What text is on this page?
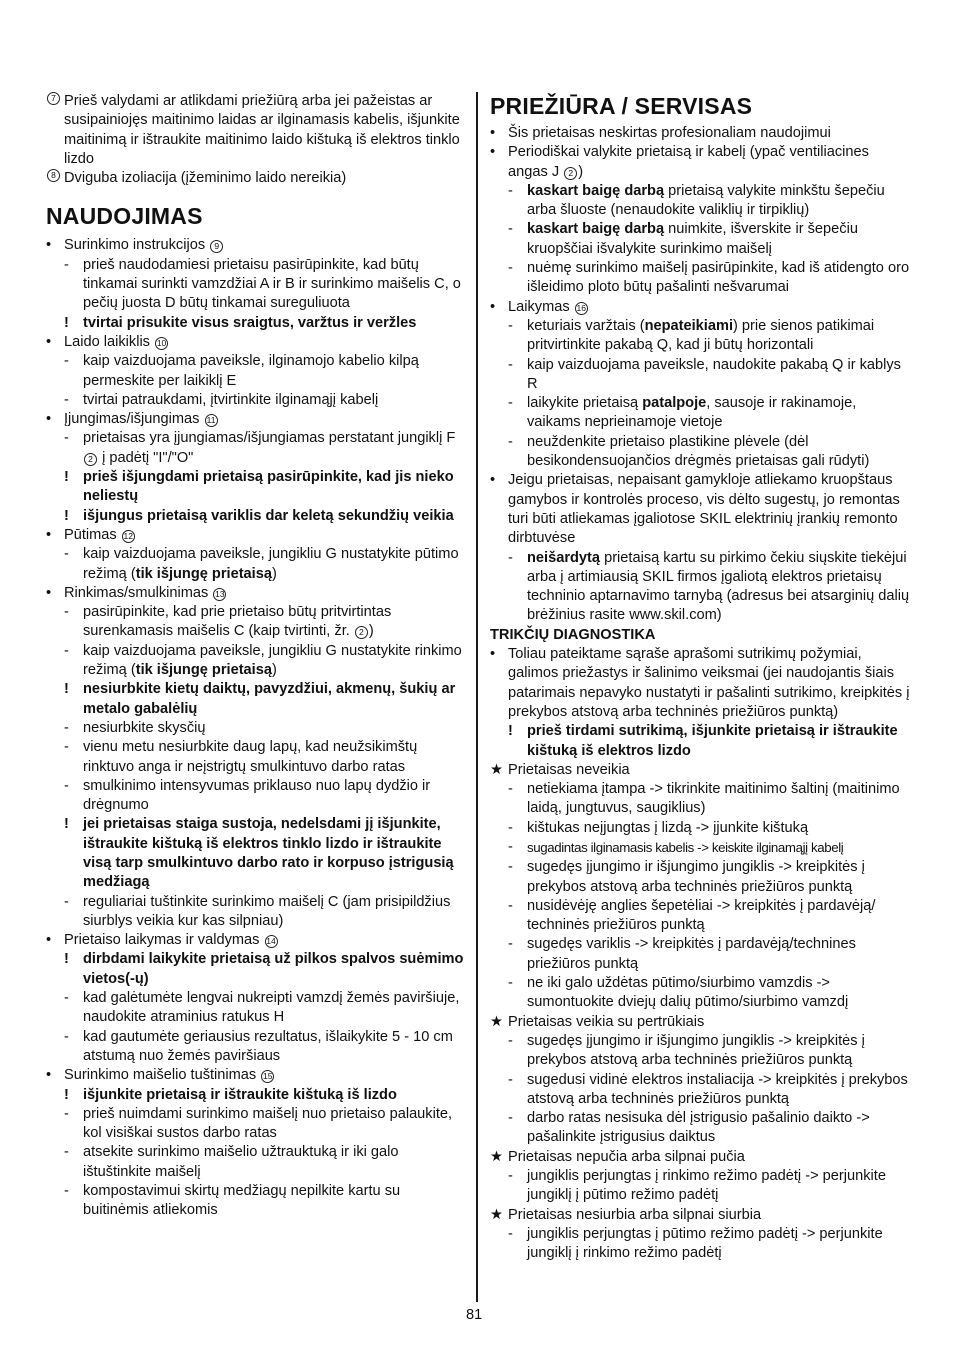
7 Prieš valydami ar atlikdami priežiūrą arba jei pažeistas ar susipainiojęs maitinimo laidas ar ilginamasis kabelis, išjunkite maitinimą ir ištraukite maitinimo laido kištuką iš elektros tinklo lizdo
8 Dviguba izoliacija (įžeminimo laido nereikia)
NAUDOJIMAS
• Surinkimo instrukcijos 9
- prieš naudodamiesi prietaisu pasirūpinkite, kad būtų tinkamai surinkti vamzdžiai A ir B ir surinkimo maišelis C, o pečių juosta D būtų tinkamai sureguliuota
! tvirtai prisukite visus sraigtus, varžtus ir veržles
• Laido laikiklis 10
- kaip vaizduojama paveiksle, ilginamojo kabelio kilpą permeskite per laikiklį E
- tvirtai patraukdami, įtvirtinkite ilginamąjį kabelį
• Įjungimas/išjungimas 11
- prietaisas yra įjungiamas/išjungiamas perstatant jungiklį F 2 į padėtį "I"/"O"
! prieš išjungdami prietaisą pasirūpinkite, kad jis nieko neliestų
! išjungus prietaisą variklis dar keletą sekundžių veikia
• Pūtimas 12
- kaip vaizduojama paveiksle, jungikliu G nustatykite pūtimo režimą (tik išjungę prietaisą)
• Rinkimas/smulkinimas 13
- pasirūpinkite, kad prie prietaiso būtų pritvirtintas surenkamasis maišelis C (kaip tvirtinti, žr. 2 )
- kaip vaizduojama paveiksle, jungikliu G nustatykite rinkimo režimą (tik išjungę prietaisą)
! nesiurbkite kietų daiktų, pavyzdžiui, akmenų, šukių ar metalo gabalėlių
- nesiurbkite skysčių
- vienu metu nesiurbkite daug lapų, kad neužsikimštų rinktuvo anga ir neįstrigtų smulkintuvo darbo ratas
- smulkinimo intensyvumas priklauso nuo lapų dydžio ir drėgnumo
! jei prietaisas staiga sustoja, nedelsdami jį išjunkite, ištraukite kištuką iš elektros tinklo lizdo ir ištraukite visą tarp smulkintuvo darbo rato ir korpuso įstrigusią medžiagą
- reguliariai tuštinkite surinkimo maišelį C (jam prisipildžius siurblys veikia kur kas silpniau)
• Prietaiso laikymas ir valdymas 14
! dirbdami laikykite prietaisą už pilkos spalvos suėmimo vietos(-ų)
- kad galėtumėte lengvai nukreipti vamzdį žemės paviršiuje, naudokite atraminius ratukus H
- kad gautumėte geriausius rezultatus, išlaikykite 5 - 10 cm atstumą nuo žemės paviršiaus
• Surinkimo maišelio tuštinimas 15
! išjunkite prietaisą ir ištraukite kištuką iš lizdo
- prieš nuimdami surinkimo maišelį nuo prietaiso palaukite, kol visiškai sustos darbo ratas
- atsekite surinkimo maišelio užtrauktuką ir iki galo ištuštinkite maišelį
- kompostavimui skirtų medžiagų nepilkite kartu su buitinėmis atliekomis
PRIEŽIŪRA / SERVISAS
• Šis prietaisas neskirtas profesionaliam naudojimui
• Periodiškai valykite prietaisą ir kabelį (ypač ventiliacines angas J 2 )
- kaskart baigę darbą prietaisą valykite minkštu šepečiu arba šluoste (nenaudokite valiklių ir tirpiklių)
- kaskart baigę darbą nuimkite, išverskite ir šepečiu kruopščiai išvalykite surinkimo maišelį
- nuėmę surinkimo maišelį pasirūpinkite, kad iš atidengto oro išleidimo ploto būtų pašalinti nešvarumai
• Laikymas 16
- keturiais varžtais (nepateikiami) prie sienos patikimai pritvirtinkite pakabą Q, kad ji būtų horizontali
- kaip vaizduojama paveiksle, naudokite pakabą Q ir kablys R
- laikykite prietaisą patalpoje, sausoje ir rakinamoje, vaikams neprieinamoje vietoje
- neuždenkite prietaiso plastikine plėvele (dėl besikondensuojančios drėgmės prietaisas gali rūdyti)
• Jeigu prietaisas, nepaisant gamykloje atliekamo kruopštaus gamybos ir kontrolės proceso, vis dėlto sugestų, jo remontas turi būti atliekamas įgaliotose SKIL elektrinių įrankių remonto dirbtuvėse
- neišardytą prietaisą kartu su pirkimo čekiu siųskite tiekėjui arba į artimiausią SKIL firmos įgaliotą elektros prietaisų techninio aptarnavimo tarnybą (adresus bei atsarginių dalių brėžinius rasite www.skil.com)
TRIKČIŲ DIAGNOSTIKA
• Toliau pateiktame sąraše aprašomi sutrikimų požymiai, galimos priežastys ir šalinimo veiksmai (jei naudojantis šiais patarimais nepavyko nustatyti ir pašalinti sutrikimo, kreipkitės į prekybos atstovą arba techninės priežiūros punktą)
! prieš tirdami sutrikimą, išjunkite prietaisą ir ištraukite kištuką iš elektros lizdo
★ Prietaisas neveikia
- netiekiama įtampa -> tikrinkite maitinimo šaltinį (maitinimo laidą, jungtuvus, saugiklius)
- kištukas neįjungtas į lizdą -> įjunkite kištuką
- sugadintas ilginamasis kabelis -> keiskite ilginamąjį kabelį
- sugedęs įjungimo ir išjungimo jungiklis -> kreipkitės į prekybos atstovą arba techninės priežiūros punktą
- nusidėvėję anglies šepetėliai -> kreipkitės į pardavėją/ techninės priežiūros punktą
- sugedęs variklis -> kreipkitės į pardavėją/technines priežiūros punktą
- ne iki galo uždėtas pūtimo/siurbimo vamzdis -> sumontuokite dviejų dalių pūtimo/siurbimo vamzdį
★ Prietaisas veikia su pertrūkiais
- sugedęs įjungimo ir išjungimo jungiklis -> kreipkitės į prekybos atstovą arba techninės priežiūros punktą
- sugedusi vidinė elektros instaliacija -> kreipkitės į prekybos atstovą arba techninės priežiūros punktą
- darbo ratas nesisuka dėl įstrigusio pašalinio daikto -> pašalinkite įstrigusius daiktus
★ Prietaisas nepučia arba silpnai pučia
- jungiklis perjungtas į rinkimo režimo padėtį -> perjunkite jungiklį į pūtimo režimo padėtį
★ Prietaisas nesiurbia arba silpnai siurbia
- jungiklis perjungtas į pūtimo režimo padėtį -> perjunkite jungiklį į rinkimo režimo padėtį
81
